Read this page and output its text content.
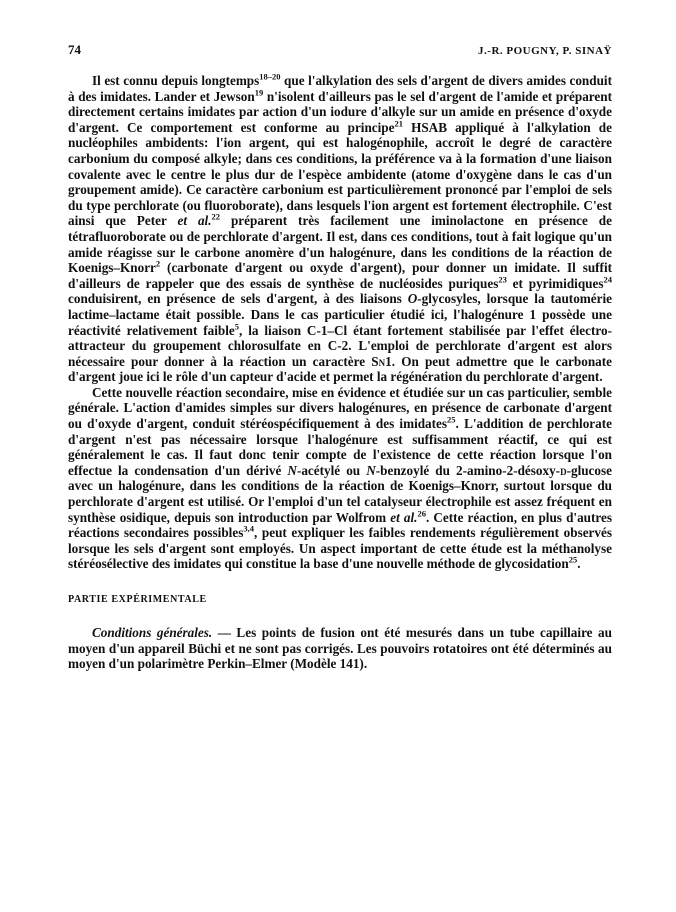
74	J.-R. POUGNY, P. SINAŸ

Il est connu depuis longtemps$^{18-20}$ que l'alkylation des sels d'argent de divers amides conduit à des imidates. Lander et Jewson$^{19}$ n'isolent d'ailleurs pas le sel d'argent de l'amide et préparent directement certains imidates par action d'un iodure d'alkyle sur un amide en présence d'oxyde d'argent. Ce comportement est conforme au principe$^{21}$ HSAB appliqué à l'alkylation de nucléophiles ambidents: l'ion argent, qui est halogénophile, accroît le degré de caractère carbonium du composé alkyle; dans ces conditions, la préférence va à la formation d'une liaison covalente avec le centre le plus dur de l'espèce ambidente (atome d'oxygène dans le cas d'un groupement amide). Ce caractère carbonium est particulièrement prononcé par l'emploi de sels du type perchlorate (ou fluoroborate), dans lesquels l'ion argent est fortement électrophile. C'est ainsi que Peter et al.$^{22}$ préparent très facilement une iminolactone en présence de tétrafluoroborate ou de perchlorate d'argent. Il est, dans ces conditions, tout à fait logique qu'un amide réagisse sur le carbone anomère d'un halogénure, dans les conditions de la réaction de Koenigs–Knorr$^2$ (carbonate d'argent ou oxyde d'argent), pour donner un imidate. Il suffit d'ailleurs de rappeler que des essais de synthèse de nucléosides puriques$^{23}$ et pyrimidiques$^{24}$ conduisirent, en présence de sels d'argent, à des liaisons O-glycosyles, lorsque la tautomérie lactime–lactame était possible. Dans le cas particulier étudié ici, l'halogénure 1 possède une réactivité relativement faible$^5$, la liaison C-1–Cl étant fortement stabilisée par l'effet électro-attracteur du groupement chlorosulfate en C-2. L'emploi de perchlorate d'argent est alors nécessaire pour donner à la réaction un caractère Sn1. On peut admettre que le carbonate d'argent joue ici le rôle d'un capteur d'acide et permet la régénération du perchlorate d'argent.

Cette nouvelle réaction secondaire, mise en évidence et étudiée sur un cas particulier, semble générale. L'action d'amides simples sur divers halogénures, en présence de carbonate d'argent ou d'oxyde d'argent, conduit stéréospécifiquement à des imidates$^{25}$. L'addition de perchlorate d'argent n'est pas nécessaire lorsque l'halogénure est suffisamment réactif, ce qui est généralement le cas. Il faut donc tenir compte de l'existence de cette réaction lorsque l'on effectue la condensation d'un dérivé N-acétylé ou N-benzoylé du 2-amino-2-désoxy-d-glucose avec un halogénure, dans les conditions de la réaction de Koenigs–Knorr, surtout lorsque du perchlorate d'argent est utilisé. Or l'emploi d'un tel catalyseur électrophile est assez fréquent en synthèse osidique, depuis son introduction par Wolfrom et al.$^{26}$. Cette réaction, en plus d'autres réactions secondaires possibles$^{3,4}$, peut expliquer les faibles rendements régulièrement observés lorsque les sels d'argent sont employés. Un aspect important de cette étude est la méthanolyse stéréosélective des imidates qui constitue la base d'une nouvelle méthode de glycosidation$^{25}$.

PARTIE EXPÉRIMENTALE

Conditions générales. — Les points de fusion ont été mesurés dans un tube capillaire au moyen d'un appareil Büchi et ne sont pas corrigés. Les pouvoirs rotatoires ont été déterminés au moyen d'un polarimètre Perkin–Elmer (Modèle 141).
